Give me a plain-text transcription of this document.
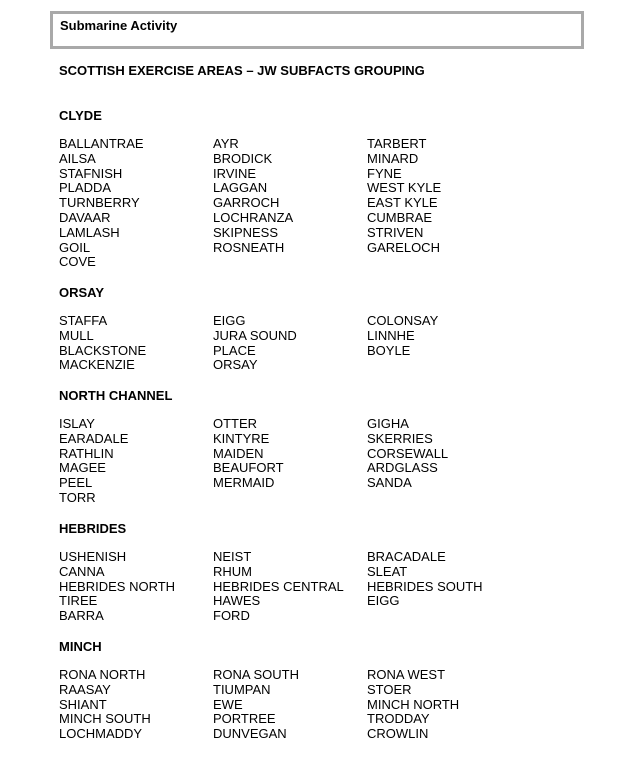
Submarine Activity
SCOTTISH EXERCISE AREAS – JW SUBFACTS GROUPING
CLYDE
BALLANTRAE	AYR	TARBERT
AILSA	BRODICK	MINARD
STAFNISH	IRVINE	FYNE
PLADDA	LAGGAN	WEST KYLE
TURNBERRY	GARROCH	EAST KYLE
DAVAAR	LOCHRANZA	CUMBRAE
LAMLASH	SKIPNESS	STRIVEN
GOIL	ROSNEATH	GARELOCH
COVE
ORSAY
STAFFA	EIGG	COLONSAY
MULL	JURA SOUND	LINNHE
BLACKSTONE	PLACE	BOYLE
MACKENZIE	ORSAY
NORTH CHANNEL
ISLAY	OTTER	GIGHA
EARADALE	KINTYRE	SKERRIES
RATHLIN	MAIDEN	CORSEWALL
MAGEE	BEAUFORT	ARDGLASS
PEEL	MERMAID	SANDA
TORR
HEBRIDES
USHENISH	NEIST	BRACADALE
CANNA	RHUM	SLEAT
HEBRIDES NORTH	HEBRIDES CENTRAL	HEBRIDES SOUTH
TIREE	HAWES	EIGG
BARRA	FORD
MINCH
RONA NORTH	RONA SOUTH	RONA WEST
RAASAY	TIUMPAN	STOER
SHIANT	EWE	MINCH NORTH
MINCH SOUTH	PORTREE	TRODDAY
LOCHMADDY	DUNVEGAN	CROWLIN
